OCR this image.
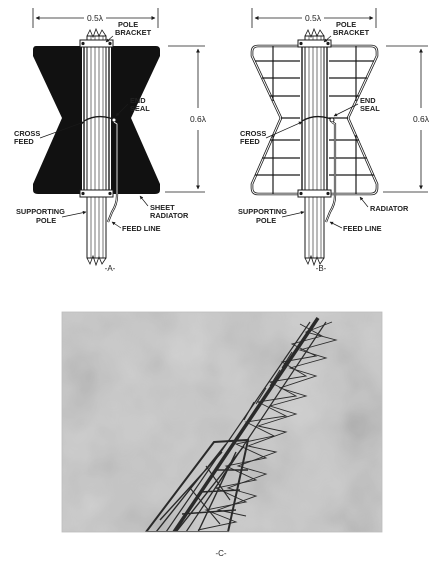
0.5λ
0.6λ
POLE
BRACKET
END
SEAL
CROSS
FEED
SUPPORTING
POLE
SHEET
RADIATOR
FEED LINE
-A-
0.5λ
0.6λ
POLE
BRACKET
END
SEAL
CROSS
FEED
SUPPORTING
POLE
RADIATOR
FEED LINE
-B-
-C-
